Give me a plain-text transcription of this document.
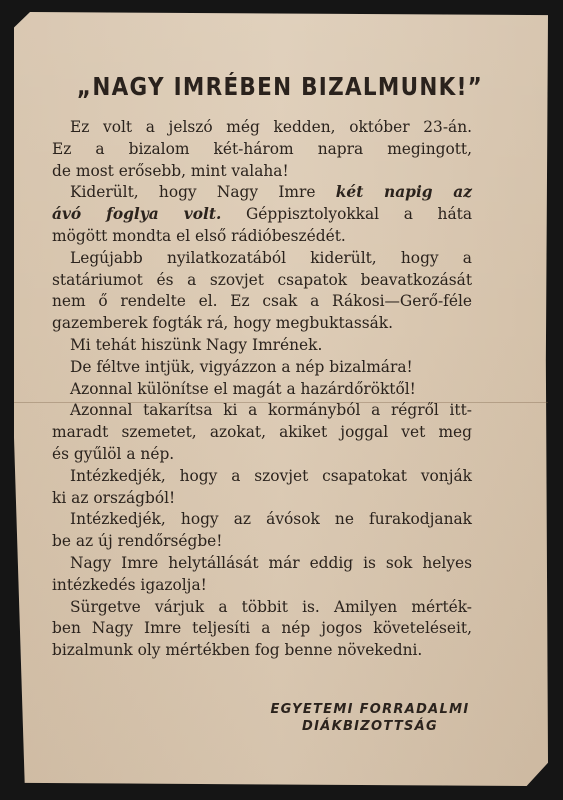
„NAGY IMRÉBEN BIZALMUNK!”
Ez volt a jelszó még kedden, október 23-án.
Ez a bizalom két-három napra megingott,
de most erősebb, mint valaha!
Kiderült, hogy Nagy Imre két napig az
ávó foglya volt. Géppisztolyokkal a háta
mögött mondta el első rádióbeszédét.
Legújabb nyilatkozatából kiderült, hogy a
statáriumot és a szovjet csapatok beavatkozását
nem ő rendelte el. Ez csak a Rákosi—Gerő-féle
gazemberek fogták rá, hogy megbuktassák.
Mi tehát hiszünk Nagy Imrének.
De féltve intjük, vigyázzon a nép bizalmára!
Azonnal különítse el magát a hazárdőröktől!
Azonnal takarítsa ki a kormányból a régről itt-
maradt szemetet, azokat, akiket joggal vet meg
és gyűlöl a nép.
Intézkedjék, hogy a szovjet csapatokat vonják
ki az országból!
Intézkedjék, hogy az ávósok ne furakodjanak
be az új rendőrségbe!
Nagy Imre helytállását már eddig is sok helyes
intézkedés igazolja!
Sürgetve várjuk a többit is. Amilyen mérték-
ben Nagy Imre teljesíti a nép jogos követeléseit,
bizalmunk oly mértékben fog benne növekedni.
EGYETEMI FORRADALMI
DIÁKBIZOTTSÁG
